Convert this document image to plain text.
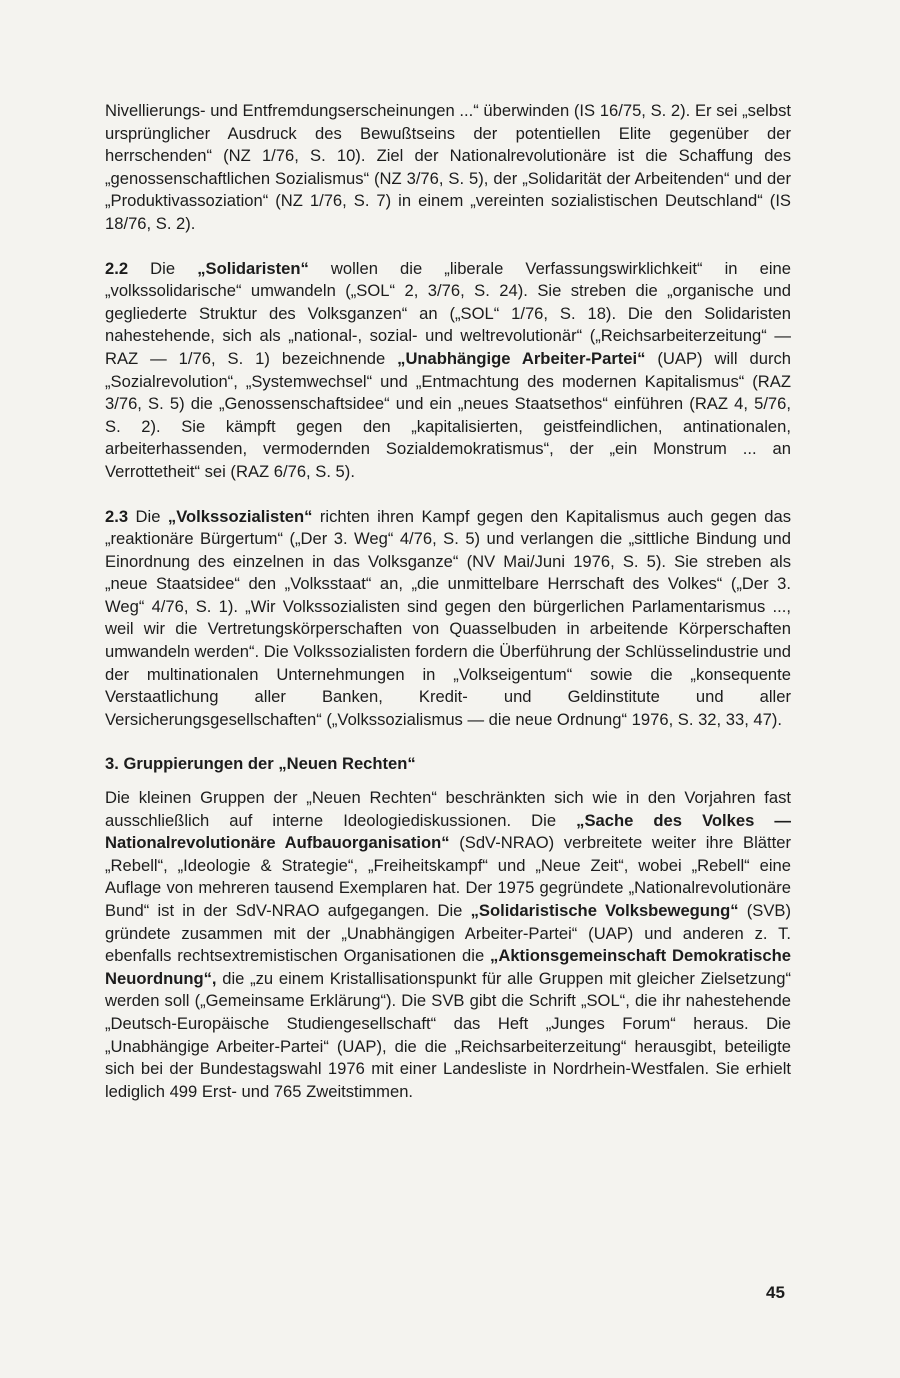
Nivellierungs- und Entfremdungserscheinungen ...“ überwinden (IS 16/75, S. 2). Er sei „selbst ursprünglicher Ausdruck des Bewußtseins der potentiellen Elite gegenüber der herrschenden“ (NZ 1/76, S. 10). Ziel der Nationalrevolutionäre ist die Schaffung des „genossenschaftlichen Sozialismus“ (NZ 3/76, S. 5), der „Solidarität der Arbeitenden“ und der „Produktivassoziation“ (NZ 1/76, S. 7) in einem „vereinten sozialistischen Deutschland“ (IS 18/76, S. 2).

2.2 Die „Solidaristen“ wollen die „liberale Verfassungswirklichkeit“ in eine „volkssolidarische“ umwandeln („SOL“ 2, 3/76, S. 24). Sie streben die „organische und gegliederte Struktur des Volksganzen“ an („SOL“ 1/76, S. 18). Die den Solidaristen nahestehende, sich als „national-, sozial- und weltrevolutionär“ („Reichsarbeiterzeitung“ — RAZ — 1/76, S. 1) bezeichnende „Unabhängige Arbeiter-Partei“ (UAP) will durch „Sozialrevolution“, „Systemwechsel“ und „Entmachtung des modernen Kapitalismus“ (RAZ 3/76, S. 5) die „Genossenschaftsidee“ und ein „neues Staatsethos“ einführen (RAZ 4, 5/76, S. 2). Sie kämpft gegen den „kapitalisierten, geistfeindlichen, antinationalen, arbeiterhassenden, vermodernden Sozialdemokratismus“, der „ein Monstrum ... an Verrottetheit“ sei (RAZ 6/76, S. 5).

2.3 Die „Volkssozialisten“ richten ihren Kampf gegen den Kapitalismus auch gegen das „reaktionäre Bürgertum“ („Der 3. Weg“ 4/76, S. 5) und verlangen die „sittliche Bindung und Einordnung des einzelnen in das Volksganze“ (NV Mai/Juni 1976, S. 5). Sie streben als „neue Staatsidee“ den „Volksstaat“ an, „die unmittelbare Herrschaft des Volkes“ („Der 3. Weg“ 4/76, S. 1). „Wir Volkssozialisten sind gegen den bürgerlichen Parlamentarismus ..., weil wir die Vertretungskörperschaften von Quasselbuden in arbeitende Körperschaften umwandeln werden“. Die Volkssozialisten fordern die Überführung der Schlüsselindustrie und der multinationalen Unternehmungen in „Volkseigentum“ sowie die „konsequente Verstaatlichung aller Banken, Kredit- und Geldinstitute und aller Versicherungsgesellschaften“ („Volkssozialismus — die neue Ordnung“ 1976, S. 32, 33, 47).

3. Gruppierungen der „Neuen Rechten“

Die kleinen Gruppen der „Neuen Rechten“ beschränkten sich wie in den Vorjahren fast ausschließlich auf interne Ideologiediskussionen. Die „Sache des Volkes — Nationalrevolutionäre Aufbauorganisation“ (SdV-NRAO) verbreitete weiter ihre Blätter „Rebell“, „Ideologie & Strategie“, „Freiheitskampf“ und „Neue Zeit“, wobei „Rebell“ eine Auflage von mehreren tausend Exemplaren hat. Der 1975 gegründete „Nationalrevolutionäre Bund“ ist in der SdV-NRAO aufgegangen. Die „Solidaristische Volksbewegung“ (SVB) gründete zusammen mit der „Unabhängigen Arbeiter-Partei“ (UAP) und anderen z. T. ebenfalls rechtsextremistischen Organisationen die „Aktionsgemeinschaft Demokratische Neuordnung“, die „zu einem Kristallisationspunkt für alle Gruppen mit gleicher Zielsetzung“ werden soll („Gemeinsame Erklärung“). Die SVB gibt die Schrift „SOL“, die ihr nahestehende „Deutsch-Europäische Studiengesellschaft“ das Heft „Junges Forum“ heraus. Die „Unabhängige Arbeiter-Partei“ (UAP), die die „Reichsarbeiterzeitung“ herausgibt, beteiligte sich bei der Bundestagswahl 1976 mit einer Landesliste in Nordrhein-Westfalen. Sie erhielt lediglich 499 Erst- und 765 Zweitstimmen.

45
